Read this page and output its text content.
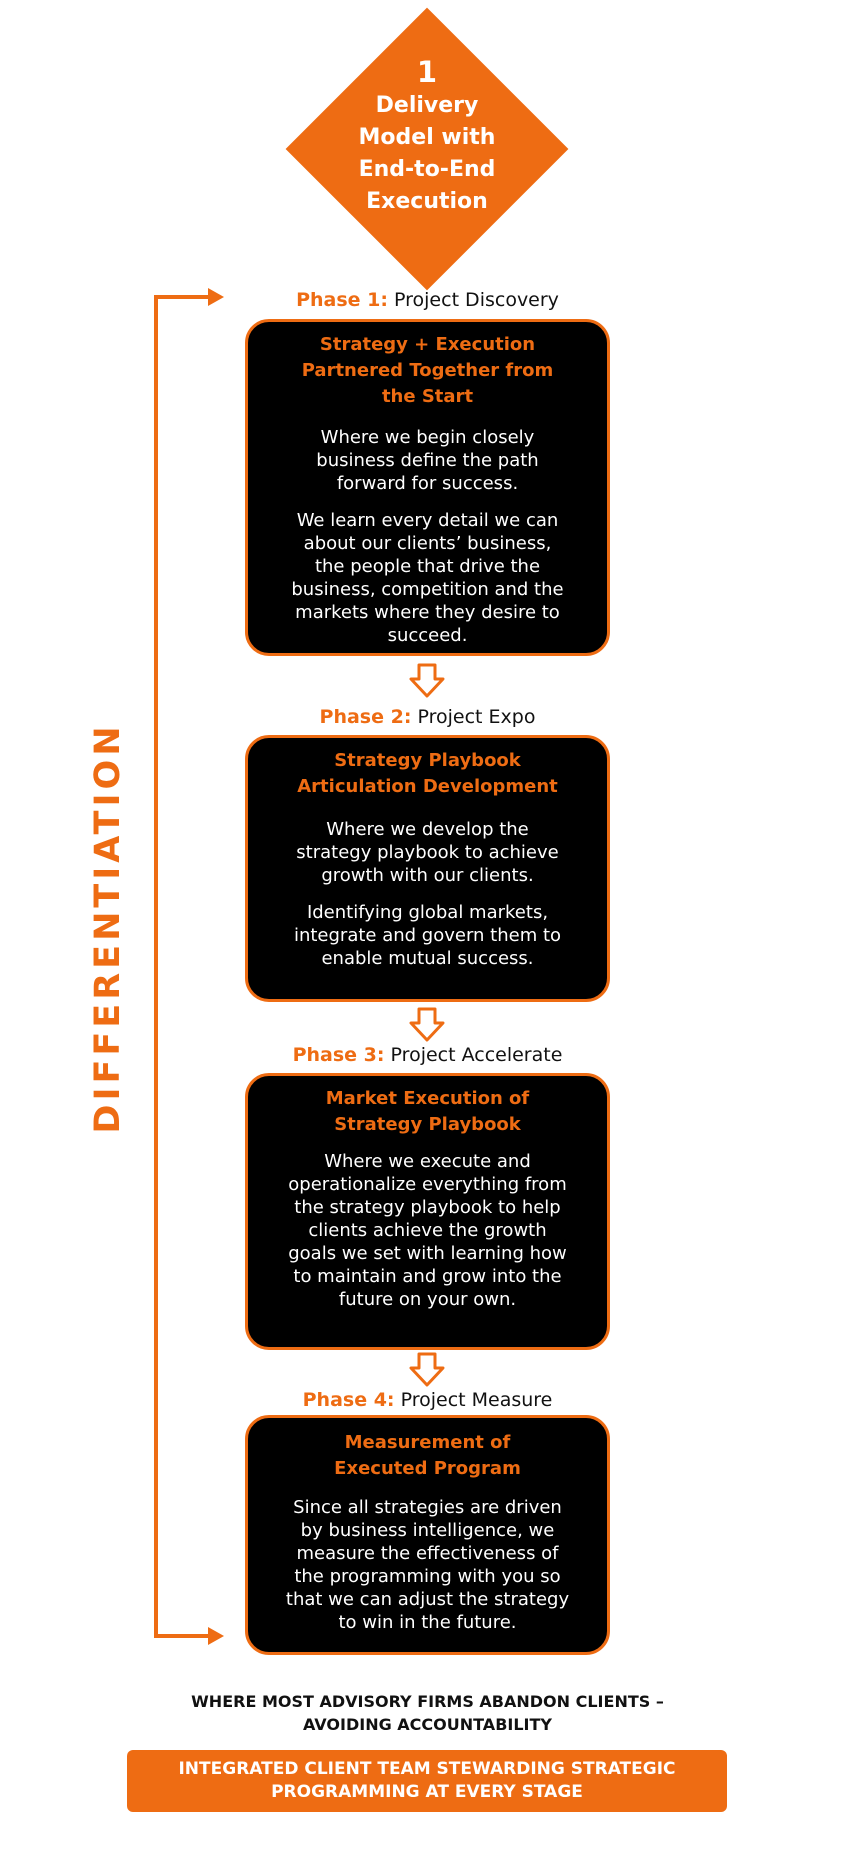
1
Delivery Model with End-to-End Execution
DIFFERENTIATION
Phase 1: Project Discovery
Strategy + Execution Partnered Together from the Start
Where we begin closely business define the path forward for success.
We learn every detail we can about our clients’ business, the people that drive the business, competition and the markets where they desire to succeed.
Phase 2: Project Expo
Strategy Playbook Articulation Development
Where we develop the strategy playbook to achieve growth with our clients.
Identifying global markets, integrate and govern them to enable mutual success.
Phase 3: Project Accelerate
Market Execution of Strategy Playbook
Where we execute and operationalize everything from the strategy playbook to help clients achieve the growth goals we set with learning how to maintain and grow into the future on your own.
Phase 4: Project Measure
Measurement of Executed Program
Since all strategies are driven by business intelligence, we measure the effectiveness of the programming with you so that we can adjust the strategy to win in the future.
WHERE MOST ADVISORY FIRMS ABANDON CLIENTS – AVOIDING ACCOUNTABILITY
INTEGRATED CLIENT TEAM STEWARDING STRATEGIC PROGRAMMING AT EVERY STAGE
